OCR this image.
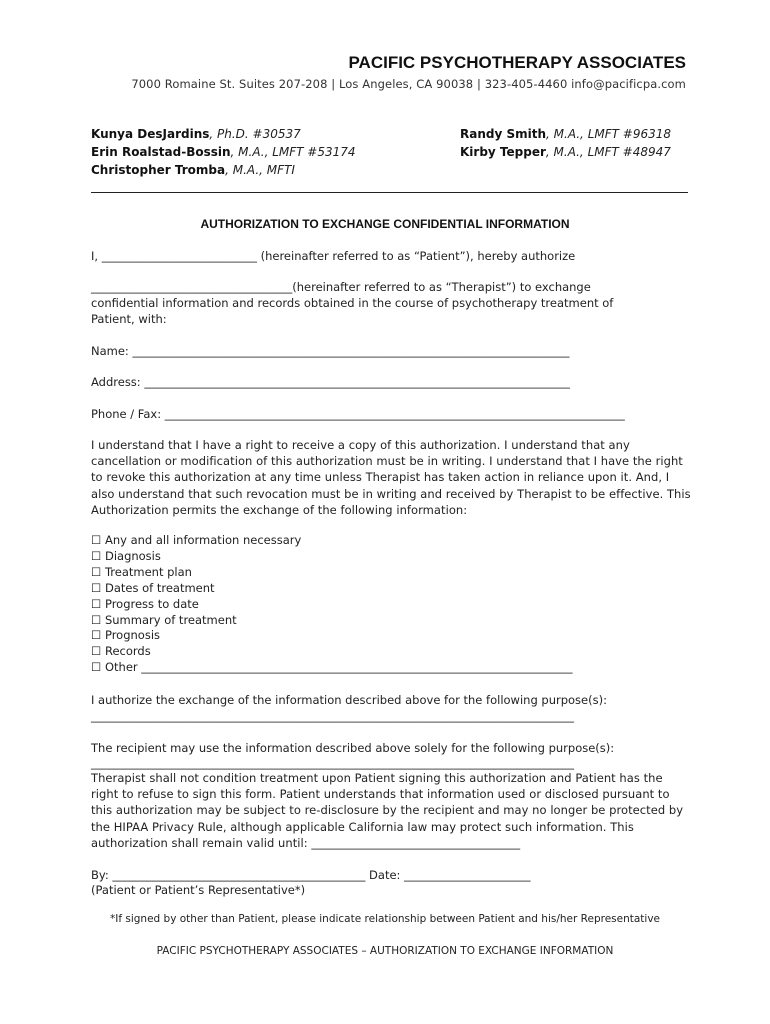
PACIFIC PSYCHOTHERAPY ASSOCIATES
7000 Romaine St. Suites 207-208 | Los Angeles, CA 90038 | 323-405-4460 info@pacificpa.com
Kunya DesJardins, Ph.D. #30537
Erin Roalstad-Bossin, M.A., LMFT #53174
Christopher Tromba, M.A., MFTI
Randy Smith, M.A., LMFT #96318
Kirby Tepper, M.A., LMFT #48947
AUTHORIZATION TO EXCHANGE CONFIDENTIAL INFORMATION
I, ___________________________ (hereinafter referred to as “Patient”), hereby authorize
___________________________________(hereinafter referred to as “Therapist”) to exchange
confidential information and records obtained in the course of psychotherapy treatment of
Patient, with:
Name: ____________________________________________________________________________
Address: __________________________________________________________________________
Phone / Fax: ________________________________________________________________________________
I understand that I have a right to receive a copy of this authorization. I understand that any cancellation or modification of this authorization must be in writing. I understand that I have the right to revoke this authorization at any time unless Therapist has taken action in reliance upon it. And, I also understand that such revocation must be in writing and received by Therapist to be effective. This Authorization permits the exchange of the following information:
☐ Any and all information necessary
☐ Diagnosis
☐ Treatment plan
☐ Dates of treatment
☐ Progress to date
☐ Summary of treatment
☐ Prognosis
☐ Records
☐ Other ___________________________________________________________________________
I authorize the exchange of the information described above for the following purpose(s):
____________________________________________________________________________________
The recipient may use the information described above solely for the following purpose(s):
____________________________________________________________________________________
Therapist shall not condition treatment upon Patient signing this authorization and Patient has the right to refuse to sign this form. Patient understands that information used or disclosed pursuant to this authorization may be subject to re-disclosure by the recipient and may no longer be protected by the HIPAA Privacy Rule, although applicable California law may protect such information. This authorization shall remain valid until: ____________________________________
By: ____________________________________________ Date: ______________________
(Patient or Patient’s Representative*)
*If signed by other than Patient, please indicate relationship between Patient and his/her Representative
PACIFIC PSYCHOTHERAPY ASSOCIATES – AUTHORIZATION TO EXCHANGE INFORMATION
